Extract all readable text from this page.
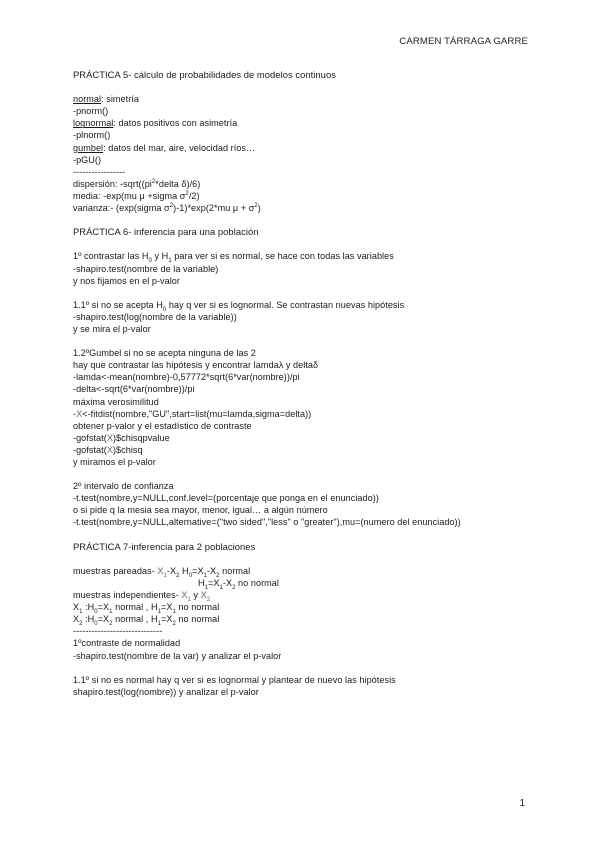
CARMEN TÁRRAGA GARRE
PRÁCTICA 5- cálculo de probabilidades de modelos continuos
normal: simetría
-pnorm()
lognormal: datos positivos con asimetría
-plnorm()
gumbel: datos del mar, aire, velocidad ríos…
-pGU()
-----------------
dispersión: $-sqrt((pi^2*delta$ δ)/6)
media: -exp(mu μ +sigma $\sigma^2/2$)
varianza:- (exp(sigma $\sigma^2)-1)*\exp(2*mu$ $\mu + \sigma^2$)
PRÁCTICA 6- inferencia para una población
1º contrastar las $H_0$ y $H_1$ para ver si es normal, se hace con todas las variables
-shapiro.test(nombre de la variable)
y nos fijamos en el p-valor
1.1º si no se acepta $H_0$ hay q ver si es lognormal. Se contrastan nuevas hipótesis
-shapiro.test(log(nombre de la variable))
y se mira el p-valor
1.2ºGumbel si no se acepta ninguna de las 2
hay que contrastar las hipótesis y encontrar lamdaλ y deltaδ
-lamda<-mean(nombre)-0,57772*sqrt(6*var(nombre))/pi
-delta<-sqrt(6*var(nombre))/pi
máxima verosimilitud
-X<-fitdist(nombre,"GU",start=list(mu=lamda,sigma=delta))
obtener p-valor y el estadístico de contraste
-gofstat(X)$chisqpvalue
-gofstat(X)$chisq
y miramos el p-valor
2º intervalo de confianza
-t.test(nombre,y=NULL,conf.level=(porcentaje que ponga en el enunciado))
o si pide q la mesia sea mayor, menor, igual… a algún número
-t.test(nombre,y=NULL,alternative=("two sided","less" o "greater"),mu=(numero del enunciado))
PRÁCTICA 7-inferencia para 2 poblaciones
muestras pareadas- $X_1-X_2$ $H_0=X_1-X_2$ normal
$H_1=X_1-X_2$ no normal
muestras independientes- $X_1$ y $X_2$
$X_1$ $:H_0=X_1$ normal , $H_1=X_1$ no normal
$X_2$ $:H_0=X_2$ normal , $H_1=X_2$ no normal
-----------------------------
1ºcontraste de normalidad
-shapiro.test(nombre de la var) y analizar el p-valor
1.1º si no es normal hay q ver si es lognormal y plantear de nuevo las hipótesis
shapiro.test(log(nombre)) y analizar el p-valor
1
